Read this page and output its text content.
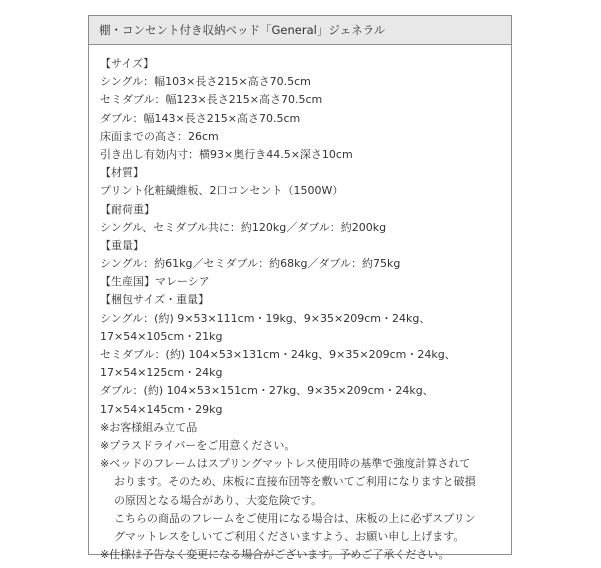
棚・コンセント付き収納ベッド「General」ジェネラル
【サイズ】
シングル：幅103×長さ215×高さ70.5cm
セミダブル：幅123×長さ215×高さ70.5cm
ダブル：幅143×長さ215×高さ70.5cm
床面までの高さ：26cm
引き出し有効内寸：横93×奥行き44.5×深さ10cm
【材質】
プリント化粧繊維板、2口コンセント（1500W）
【耐荷重】
シングル、セミダブル共に：約120kg／ダブル：約200kg
【重量】
シングル：約61kg／セミダブル：約68kg／ダブル：約75kg
【生産国】マレーシア
【梱包サイズ・重量】
シングル：(約) 9×53×111cm・19kg、9×35×209cm・24kg、
17×54×105cm・21kg
セミダブル：(約) 104×53×131cm・24kg、9×35×209cm・24kg、
17×54×125cm・24kg
ダブル：(約) 104×53×151cm・27kg、9×35×209cm・24kg、
17×54×145cm・29kg
※お客様組み立て品
※プラスドライバーをご用意ください。
※ベッドのフレームはスプリングマットレス使用時の基準で強度計算されて
おります。そのため、床板に直接布団等を敷いてご利用になりますと破損
の原因となる場合があり、大変危険です。
こちらの商品のフレームをご使用になる場合は、床板の上に必ずスプリン
グマットレスをしいてご利用くださいますよう、お願い申し上げます。
※仕様は予告なく変更になる場合がございます。予めご了承ください。
